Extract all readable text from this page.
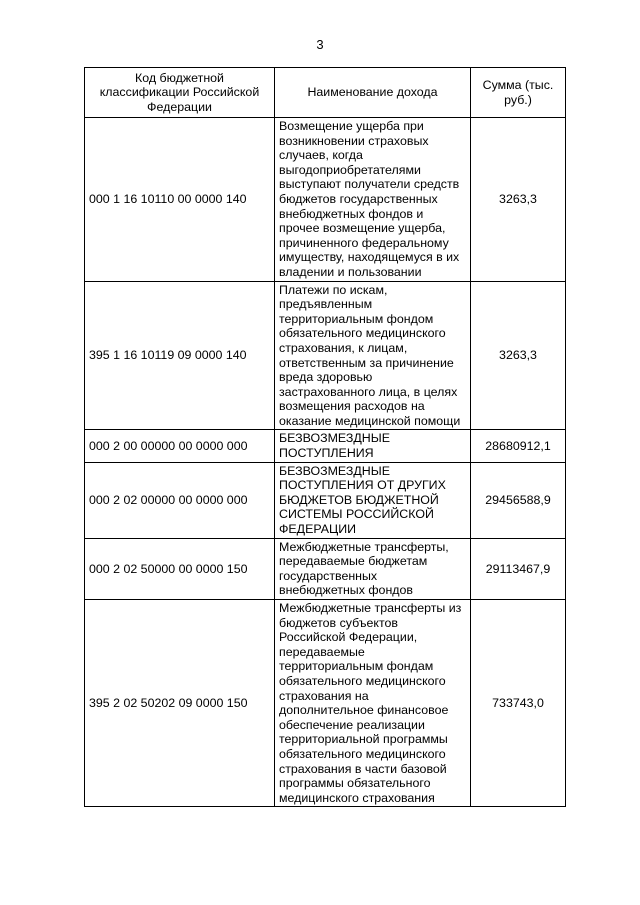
3
Код бюджетной классификации Российской Федерации	Наименование дохода	Сумма (тыс. руб.)
000 1 16 10110 00 0000 140	Возмещение ущерба при возникновении страховых случаев, когда выгодоприобретателями выступают получатели средств бюджетов государственных внебюджетных фондов и прочее возмещение ущерба, причиненного федеральному имуществу, находящемуся в их владении и пользовании	3263,3
395 1 16 10119 09 0000 140	Платежи по искам, предъявленным территориальным фондом обязательного медицинского страхования, к лицам, ответственным за причинение вреда здоровью застрахованного лица, в целях возмещения расходов на оказание медицинской помощи	3263,3
000 2 00 00000 00 0000 000	БЕЗВОЗМЕЗДНЫЕ ПОСТУПЛЕНИЯ	28680912,1
000 2 02 00000 00 0000 000	БЕЗВОЗМЕЗДНЫЕ ПОСТУПЛЕНИЯ ОТ ДРУГИХ БЮДЖЕТОВ БЮДЖЕТНОЙ СИСТЕМЫ РОССИЙСКОЙ ФЕДЕРАЦИИ	29456588,9
000 2 02 50000 00 0000 150	Межбюджетные трансферты, передаваемые бюджетам государственных внебюджетных фондов	29113467,9
395 2 02 50202 09 0000 150	Межбюджетные трансферты из бюджетов субъектов Российской Федерации, передаваемые территориальным фондам обязательного медицинского страхования на дополнительное финансовое обеспечение реализации территориальной программы обязательного медицинского страхования в части базовой программы обязательного медицинского страхования	733743,0
